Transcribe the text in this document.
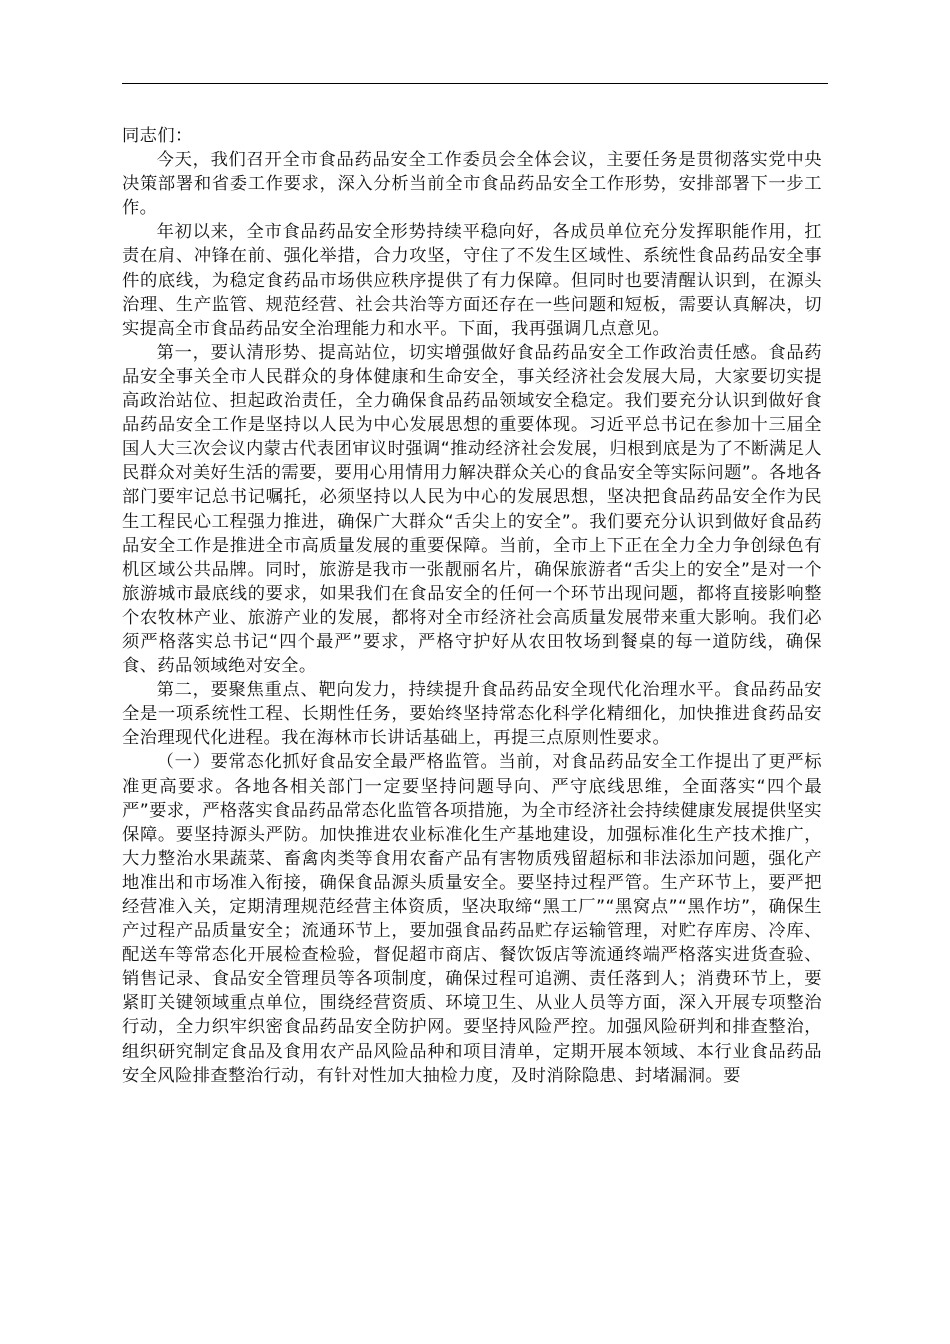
同志们：

今天，我们召开全市食品药品安全工作委员会全体会议，主要任务是贯彻落实党中央决策部署和省委工作要求，深入分析当前全市食品药品安全工作形势，安排部署下一步工作。

年初以来，全市食品药品安全形势持续平稳向好，各成员单位充分发挥职能作用，扛责在肩、冲锋在前、强化举措，合力攻坚，守住了不发生区域性、系统性食品药品安全事件的底线，为稳定食药品市场供应秩序提供了有力保障。但同时也要清醒认识到，在源头治理、生产监管、规范经营、社会共治等方面还存在一些问题和短板，需要认真解决，切实提高全市食品药品安全治理能力和水平。下面，我再强调几点意见。

第一，要认清形势、提高站位，切实增强做好食品药品安全工作政治责任感。食品药品安全事关全市人民群众的身体健康和生命安全，事关经济社会发展大局，大家要切实提高政治站位、担起政治责任，全力确保食品药品领域安全稳定。我们要充分认识到做好食品药品安全工作是坚持以人民为中心发展思想的重要体现。习近平总书记在参加十三届全国人大三次会议内蒙古代表团审议时强调“推动经济社会发展，归根到底是为了不断满足人民群众对美好生活的需要，要用心用情用力解决群众关心的食品安全等实际问题”。各地各部门要牢记总书记嘱托，必须坚持以人民为中心的发展思想，坚决把食品药品安全作为民生工程民心工程强力推进，确保广大群众“舌尖上的安全”。我们要充分认识到做好食品药品安全工作是推进全市高质量发展的重要保障。当前，全市上下正在全力全力争创绿色有机区域公共品牌。同时，旅游是我市一张靓丽名片，确保旅游者“舌尖上的安全”是对一个旅游城市最底线的要求，如果我们在食品安全的任何一个环节出现问题，都将直接影响整个农牧林产业、旅游产业的发展，都将对全市经济社会高质量发展带来重大影响。我们必须严格落实总书记“四个最严”要求，严格守护好从农田牧场到餐桌的每一道防线，确保食、药品领域绝对安全。

第二，要聚焦重点、靶向发力，持续提升食品药品安全现代化治理水平。食品药品安全是一项系统性工程、长期性任务，要始终坚持常态化科学化精细化，加快推进食药品安全治理现代化进程。我在海林市长讲话基础上，再提三点原则性要求。

（一）要常态化抓好食品安全最严格监管。当前，对食品药品安全工作提出了更严标准更高要求。各地各相关部门一定要坚持问题导向、严守底线思维，全面落实“四个最严”要求，严格落实食品药品常态化监管各项措施，为全市经济社会持续健康发展提供坚实保障。要坚持源头严防。加快推进农业标准化生产基地建设，加强标准化生产技术推广，大力整治水果蔬菜、畜禽肉类等食用农畜产品有害物质残留超标和非法添加问题，强化产地准出和市场准入衔接，确保食品源头质量安全。要坚持过程严管。生产环节上，要严把经营准入关，定期清理规范经营主体资质，坚决取缔“黑工厂”“黑窝点”“黑作坊”，确保生产过程产品质量安全；流通环节上，要加强食品药品贮存运输管理，对贮存库房、冷库、配送车等常态化开展检查检验，督促超市商店、餐饮饭店等流通终端严格落实进货查验、销售记录、食品安全管理员等各项制度，确保过程可追溯、责任落到人；消费环节上，要紧盯关键领域重点单位，围绕经营资质、环境卫生、从业人员等方面，深入开展专项整治行动，全力织牢织密食品药品安全防护网。要坚持风险严控。加强风险研判和排查整治，组织研究制定食品及食用农产品风险品种和项目清单，定期开展本领域、本行业食品药品安全风险排查整治行动，有针对性加大抽检力度，及时消除隐患、封堵漏洞。要
